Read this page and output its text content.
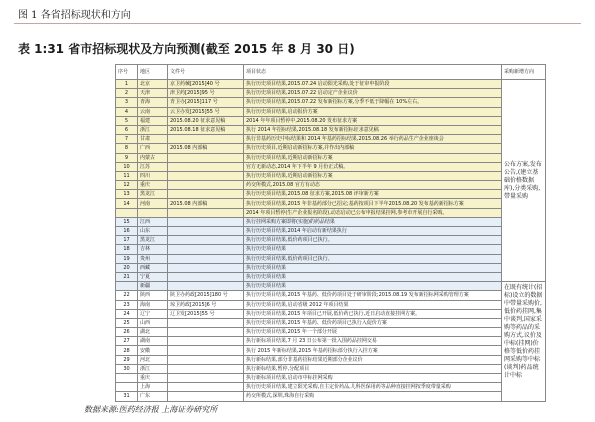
图 1 各省招标现状和方向
表 1:31 省市招标现状及方向预测(截至 2015 年 8 月 30 日)
序号	地区	文件号	项目状态	采购新增方向
1	北京	京卫药械[2015]40 号	执行历史项目结果,2015.07.24 启动阳光采购,处于征审申报阶段	公布方案,发布公告,(建立基础价格数据库),分类采购,带量采购
2	天津	津卫药[2015]95 号	执行历史项目结果,2015.07.22 启动定产企业议价	
3	青海	青卫办[2015]117 号	执行历史项目结果,2015.07.22 发布新招标方案,分季不低于降幅在 10%左右。	
4	云南	云卫办发[2015]55 号	执行历史项目结果,启动报价方案	
5	福建	2015.08.20 征求意见稿	2014 年年项目暂停中,2015.08.20 发布征求方案	
6	浙江	2015.08.18 征求意见稿	执行 2014 年招标结果,2015.08.18 发布新招标征求意见稿	
7	甘肃		执行非基药历史中标结果和 2014 年基药招标结果,2015.08.26 举行药品生产企业座谈会	
8	广西	2015.08 内部稿	执行历史项目,近期启动新招标方案,并作出内部稿	
9	内蒙古		执行历史项目结果,近期启动新招标方案	
10	江苏		官方无新动态,2014 年下半年 9 月份正式稿。	
11	四川		执行历史项目结果,近期启动新招标方案	
12	重庆		药交所模式,2015.08 官方有动态	
13	黑龙江		执行历史项目结果,2015.08 征求方案,2015.08 评审新方案	
14	河南	2015.08 内部稿	执行历史项目结果,2015 年非基药部分已招完;基药按项目下半年2015.08.20 发布基药新招标方案	
			2014 年项目暂停(生产企业报名阶段),动态启动已公布申报结果挂网,参考市开展自行采购。	
15	江西		执行挂网采购方案即将(实施)的药品结果	
16	山东		执行历史项目结果,2014 年启动有新结果执行	
17	黑龙江		执行历史项目结果,低价药项目已执行。	
18	吉林		执行历史项目结果	
19	贵州		执行历史项目结果,低价药项目已执行。	
20	西藏		执行历史项目结果	
21	宁夏		执行历史项目结果	
	新疆		执行历史项目结果	在既有统计(招标)设立的数据中带量采购价,低价药挂网,集中谈判,国家采购等药品的采购方式,议价及中标(挂网)价格等低价药挂网采购等中标(谈判)药品统计中标
22	陕西	陕卫办药政[2015]180 号	执行历史项目结果,2015 年基药、低价药项目处于研审阶段;2015.08.19 发布新招标网采购管理方案	
23	海南	琼卫药政[2015]6 号	执行历史项目结果,启动省级 2012 年项目结果	
24	辽宁	辽卫发[2015]55 号	执行历史项目结果,2015 年项目已开展,低价药已执行,近日启动直接挂网方案。	
25	山西		执行历史项目结果,2015 年基药、低价药项目已执行入促价方案	
26	湖北		执行历史项目结果,2015 年一个部分开展	
27	湖南		执行新标项目结果,7 月 23 日公布第一批入围药品挂网交易	
28	安徽		执行 2015 年新标结果,2015 年基药招标部分执行入挂方案	
29	河北		执行新标结果,部分非基药招标结果近期部分企业议价	
30	浙江		执行新标结果,暂停,分配项目	
	重庆		执行新标项目结果,启动市中标挂网采购	
	上海		执行历史项目结果,建立阳光采购,自主定价药品,儿科医保用药等品种直接挂网按季度带量采购	
31	广东		药交所模式,深圳,珠海自行采购	
数据来源:医药经济报 上海证券研究所
